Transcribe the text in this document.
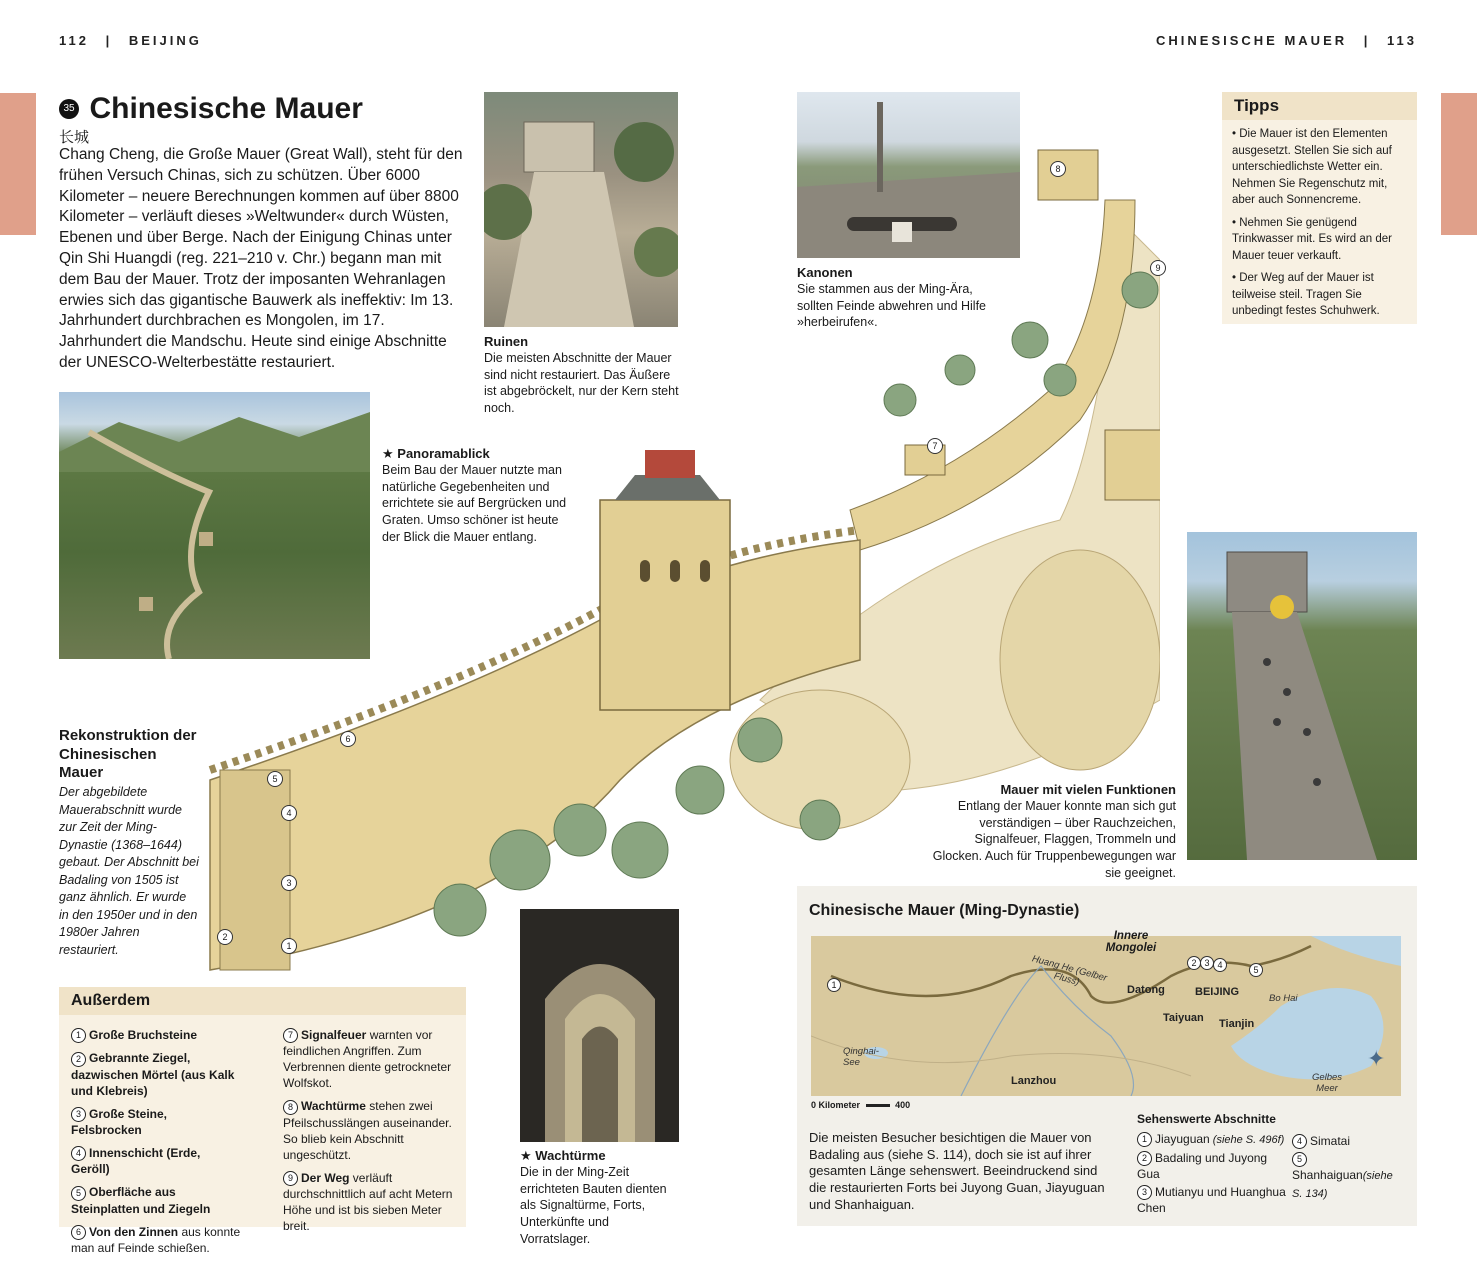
112 | BEIJING	CHINESISCHE MAUER | 113
35 Chinesische Mauer
长城
Chang Cheng, die Große Mauer (Great Wall), steht für den frühen Versuch Chinas, sich zu schützen. Über 6000 Kilometer – neuere Berechnungen kommen auf über 8800 Kilometer – verläuft dieses »Weltwunder« durch Wüsten, Ebenen und über Berge. Nach der Einigung Chinas unter Qin Shi Huangdi (reg. 221–210 v. Chr.) begann man mit dem Bau der Mauer. Trotz der imposanten Wehranlagen erwies sich das gigantische Bauwerk als ineffektiv: Im 13. Jahrhundert durchbrachen es Mongolen, im 17. Jahrhundert die Mandschu. Heute sind einige Abschnitte der UNESCO-Welterbestätte restauriert.
Ruinen
Die meisten Abschnitte der Mauer sind nicht restauriert. Das Äußere ist abgebröckelt, nur der Kern steht noch.
Kanonen
Sie stammen aus der Ming-Ära, sollten Feinde abwehren und Hilfe »herbeirufen«.
Tipps
• Die Mauer ist den Elementen ausgesetzt. Stellen Sie sich auf unterschiedlichste Wetter ein. Nehmen Sie Regenschutz mit, aber auch Sonnencreme.
• Nehmen Sie genügend Trinkwasser mit. Es wird an der Mauer teuer verkauft.
• Der Weg auf der Mauer ist teilweise steil. Tragen Sie unbedingt festes Schuhwerk.
★ Panoramablick
Beim Bau der Mauer nutzte man natürliche Gegebenheiten und errichtete sie auf Bergrücken und Graten. Umso schöner ist heute der Blick die Mauer entlang.
1
2
3
4
5
6
7
8
9
Rekonstruktion der Chinesischen Mauer
Der abgebildete Mauerabschnitt wurde zur Zeit der Ming-Dynastie (1368–1644) gebaut. Der Abschnitt bei Badaling von 1505 ist ganz ähnlich. Er wurde in den 1950er und in den 1980er Jahren restauriert.
Mauer mit vielen Funktionen
Entlang der Mauer konnte man sich gut verständigen – über Rauchzeichen, Signalfeuer, Flaggen, Trommeln und Glocken. Auch für Truppenbewegungen war sie geeignet.
Außerdem
1 Große Bruchsteine
2 Gebrannte Ziegel, dazwischen Mörtel (aus Kalk und Klebreis)
3 Große Steine, Felsbrocken
4 Innenschicht (Erde, Geröll)
5 Oberfläche aus Steinplatten und Ziegeln
6 Von den Zinnen aus konnte man auf Feinde schießen.
7 Signalfeuer warnten vor feindlichen Angriffen. Zum Verbrennen diente getrockneter Wolfskot.
8 Wachtürme stehen zwei Pfeilschusslängen auseinander. So blieb kein Abschnitt ungeschützt.
9 Der Weg verläuft durchschnittlich auf acht Metern Höhe und ist bis sieben Meter breit.
★ Wachtürme
Die in der Ming-Zeit errichteten Bauten dienten als Signaltürme, Forts, Unterkünfte und Vorratslager.
Chinesische Mauer (Ming-Dynastie)
Innere Mongolei
Huang He (Gelber Fluss)
Qinghai-See
Bo Hai
Gelbes Meer
Datong	BEIJING
Taiyuan Tianjin
Lanzhou
1
2 3 4	5
✦
0 Kilometer	400
Die meisten Besucher besichtigen die Mauer von Badaling aus (siehe S. 114), doch sie ist auf ihrer gesamten Länge sehenswert. Beeindruckend sind die restaurierten Forts bei Juyong Guan, Jiayuguan und Shanhaiguan.
Sehenswerte Abschnitte
1 Jiayuguan (siehe S. 496f)
2 Badaling und Juyong Gua
3 Mutianyu und Huanghua Chen
4 Simatai
5Shanhaiguan(siehe S. 134)
